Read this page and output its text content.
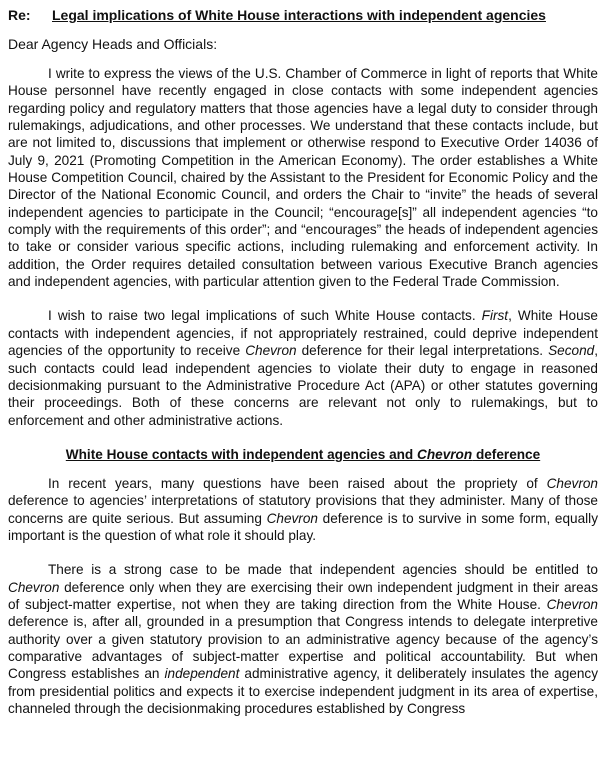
Re: Legal implications of White House interactions with independent agencies
Dear Agency Heads and Officials:

I write to express the views of the U.S. Chamber of Commerce in light of reports that White House personnel have recently engaged in close contacts with some independent agencies regarding policy and regulatory matters that those agencies have a legal duty to consider through rulemakings, adjudications, and other processes. We understand that these contacts include, but are not limited to, discussions that implement or otherwise respond to Executive Order 14036 of July 9, 2021 (Promoting Competition in the American Economy). The order establishes a White House Competition Council, chaired by the Assistant to the President for Economic Policy and the Director of the National Economic Council, and orders the Chair to “invite” the heads of several independent agencies to participate in the Council; “encourage[s]” all independent agencies “to comply with the requirements of this order”; and “encourages” the heads of independent agencies to take or consider various specific actions, including rulemaking and enforcement activity. In addition, the Order requires detailed consultation between various Executive Branch agencies and independent agencies, with particular attention given to the Federal Trade Commission.

I wish to raise two legal implications of such White House contacts. First, White House contacts with independent agencies, if not appropriately restrained, could deprive independent agencies of the opportunity to receive Chevron deference for their legal interpretations. Second, such contacts could lead independent agencies to violate their duty to engage in reasoned decisionmaking pursuant to the Administrative Procedure Act (APA) or other statutes governing their proceedings. Both of these concerns are relevant not only to rulemakings, but to enforcement and other administrative actions.

White House contacts with independent agencies and Chevron deference

In recent years, many questions have been raised about the propriety of Chevron deference to agencies’ interpretations of statutory provisions that they administer. Many of those concerns are quite serious. But assuming Chevron deference is to survive in some form, equally important is the question of what role it should play.

There is a strong case to be made that independent agencies should be entitled to Chevron deference only when they are exercising their own independent judgment in their areas of subject-matter expertise, not when they are taking direction from the White House. Chevron deference is, after all, grounded in a presumption that Congress intends to delegate interpretive authority over a given statutory provision to an administrative agency because of the agency’s comparative advantages of subject-matter expertise and political accountability. But when Congress establishes an independent administrative agency, it deliberately insulates the agency from presidential politics and expects it to exercise independent judgment in its area of expertise, channeled through the decisionmaking procedures established by Congress
